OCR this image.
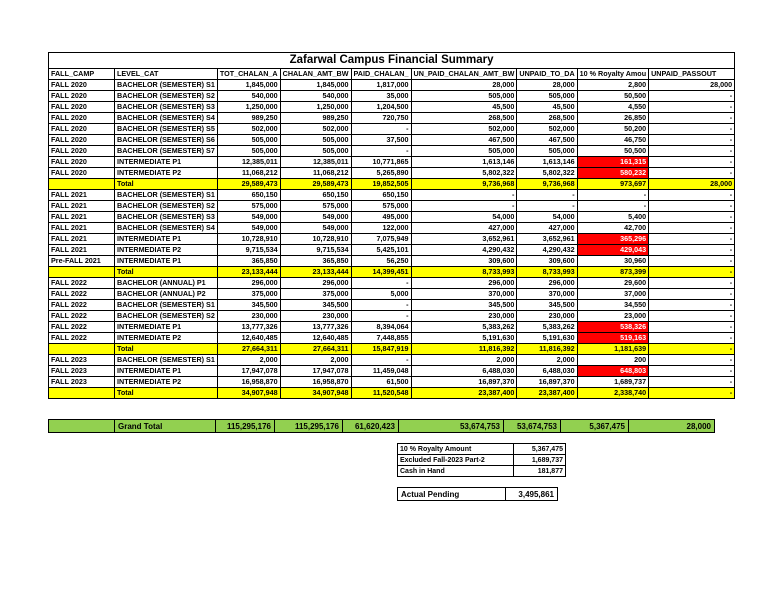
Zafarwal Campus Financial Summary								
FALL_CAMP	LEVEL_CAT	TOT_CHALAN_A	CHALAN_AMT_BW	PAID_CHALAN_	UN_PAID_CHALAN_AMT_BW	UNPAID_TO_DA	10 % Royalty Amou	UNPAID_PASSOUT
FALL 2020	BACHELOR (SEMESTER) S1	1,845,000	1,845,000	1,817,000	28,000	28,000	2,800	28,000
FALL 2020	BACHELOR (SEMESTER) S2	540,000	540,000	35,000	505,000	505,000	50,500	-
FALL 2020	BACHELOR (SEMESTER) S3	1,250,000	1,250,000	1,204,500	45,500	45,500	4,550	-
FALL 2020	BACHELOR (SEMESTER) S4	989,250	989,250	720,750	268,500	268,500	26,850	-
FALL 2020	BACHELOR (SEMESTER) S5	502,000	502,000	-	502,000	502,000	50,200	-
FALL 2020	BACHELOR (SEMESTER) S6	505,000	505,000	37,500	467,500	467,500	46,750	-
FALL 2020	BACHELOR (SEMESTER) S7	505,000	505,000	-	505,000	505,000	50,500	-
FALL 2020	INTERMEDIATE P1	12,385,011	12,385,011	10,771,865	1,613,146	1,613,146	161,315	-
FALL 2020	INTERMEDIATE P2	11,068,212	11,068,212	5,265,890	5,802,322	5,802,322	580,232	-
	Total	29,589,473	29,589,473	19,852,505	9,736,968	9,736,968	973,697	28,000
FALL 2021	BACHELOR (SEMESTER) S1	650,150	650,150	650,150	-	-	-	-
FALL 2021	BACHELOR (SEMESTER) S2	575,000	575,000	575,000	-	-	-	-
FALL 2021	BACHELOR (SEMESTER) S3	549,000	549,000	495,000	54,000	54,000	5,400	-
FALL 2021	BACHELOR (SEMESTER) S4	549,000	549,000	122,000	427,000	427,000	42,700	-
FALL 2021	INTERMEDIATE P1	10,728,910	10,728,910	7,075,949	3,652,961	3,652,961	365,296	-
FALL 2021	INTERMEDIATE P2	9,715,534	9,715,534	5,425,101	4,290,432	4,290,432	429,043	-
Pre-FALL 2021	INTERMEDIATE P1	365,850	365,850	56,250	309,600	309,600	30,960	-
	Total	23,133,444	23,133,444	14,399,451	8,733,993	8,733,993	873,399	-
FALL 2022	BACHELOR (ANNUAL) P1	296,000	296,000	-	296,000	296,000	29,600	-
FALL 2022	BACHELOR (ANNUAL) P2	375,000	375,000	5,000	370,000	370,000	37,000	-
FALL 2022	BACHELOR (SEMESTER) S1	345,500	345,500	-	345,500	345,500	34,550	-
FALL 2022	BACHELOR (SEMESTER) S2	230,000	230,000	-	230,000	230,000	23,000	-
FALL 2022	INTERMEDIATE P1	13,777,326	13,777,326	8,394,064	5,383,262	5,383,262	538,326	-
FALL 2022	INTERMEDIATE P2	12,640,485	12,640,485	7,448,855	5,191,630	5,191,630	519,163	-
	Total	27,664,311	27,664,311	15,847,919	11,816,392	11,816,392	1,181,639	-
FALL 2023	BACHELOR (SEMESTER) S1	2,000	2,000	-	2,000	2,000	200	-
FALL 2023	INTERMEDIATE P1	17,947,078	17,947,078	11,459,048	6,488,030	6,488,030	648,803	-
FALL 2023	INTERMEDIATE P2	16,958,870	16,958,870	61,500	16,897,370	16,897,370	1,689,737	-
	Total	34,907,948	34,907,948	11,520,548	23,387,400	23,387,400	2,338,740	-
	Grand Total	115,295,176	115,295,176	61,620,423	53,674,753	53,674,753	5,367,475	28,000
10 % Royalty Amount	5,367,475
Excluded Fall-2023 Part-2	1,689,737
Cash in Hand	181,877
Actual Pending	3,495,861
